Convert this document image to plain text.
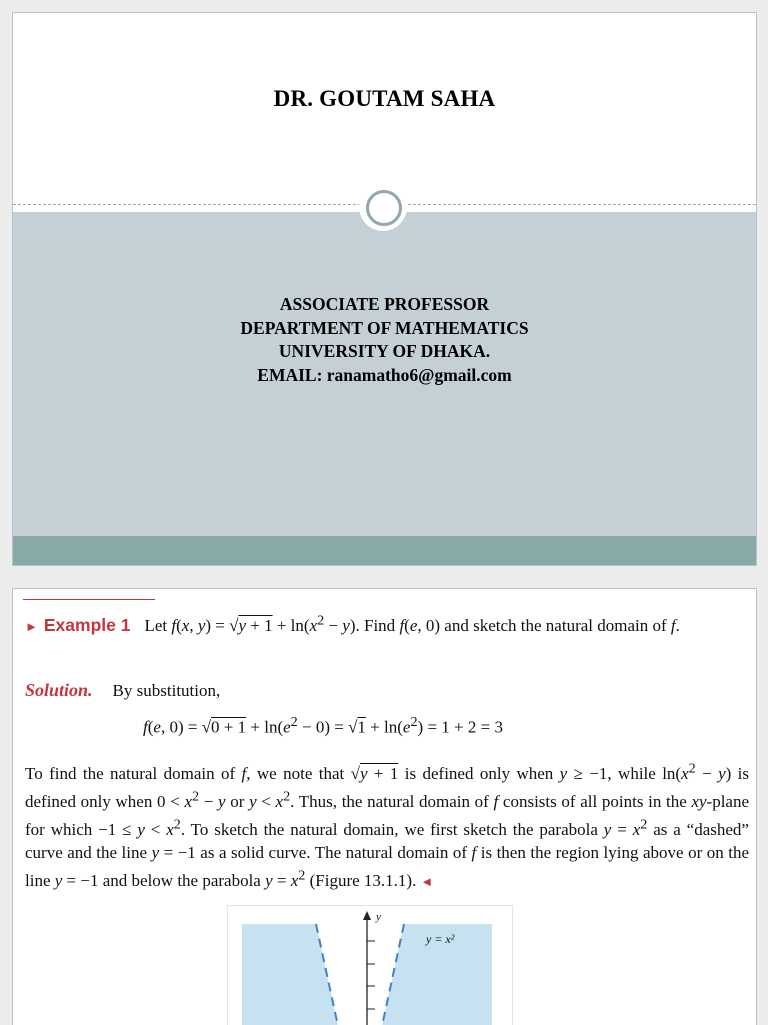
DR. GOUTAM SAHA
ASSOCIATE PROFESSOR
DEPARTMENT OF MATHEMATICS
UNIVERSITY OF DHAKA.
EMAIL: ranamatho6@gmail.com
► Example 1 Let f(x, $y) = √y + 1 + \ln(x^2 - y)$. Find f(e, 0) and sketch the natural domain of f.
Solution. By substitution,
f(e, $0) = √0 + 1 + \ln(e^2 - 0) = √1 + \ln(e^2) = 1 + 2 = 3$
To find the natural domain of f, we note that √y + 1 is defined only when y ≥ −1, while $\ln(x^2 - y)$ is defined only when $0 < x^2 - y$ or $y < x^2$. Thus, the natural domain of f consists of all points in the xy-plane for which $-1 \le y < x^2$. To sketch the natural domain, we first sketch the parabola $y = x^2$ as a “dashed” curve and the line y = −1 as a solid curve. The natural domain of f is then the region lying above or on the line y = −1 and below the parabola $y = x^2$ (Figure 13.1.1). ◄
y
y = x²
